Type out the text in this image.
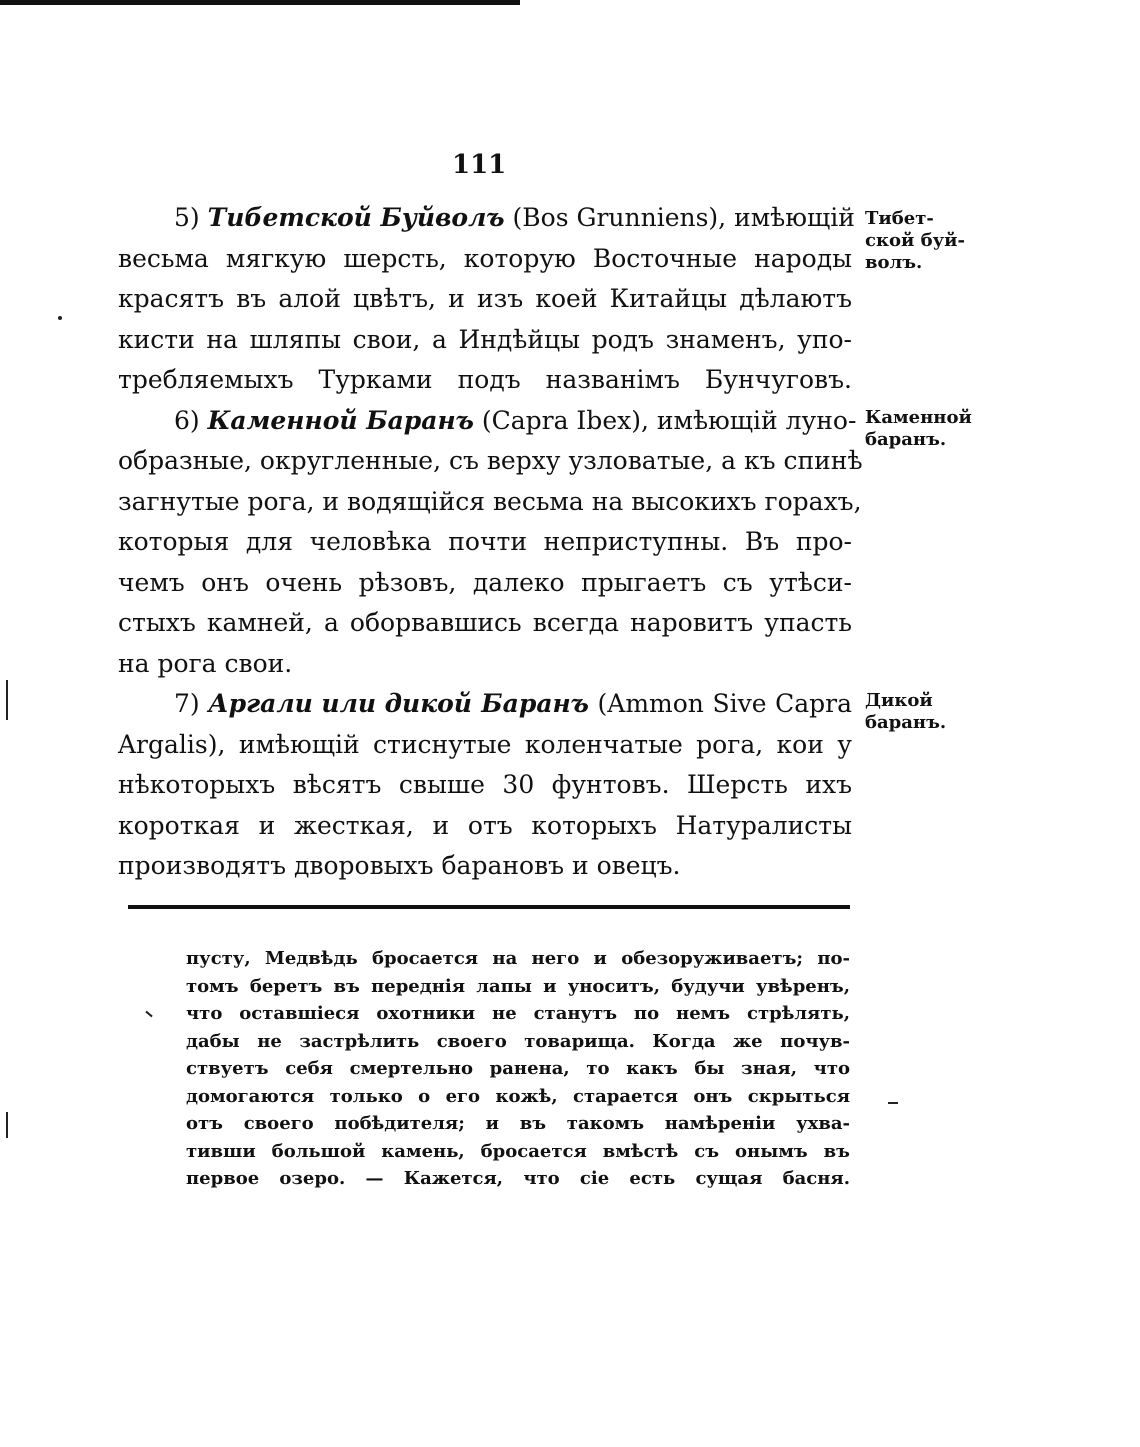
111
5) Тибетской Буйволъ (Bos Grunniens), имѣющій
весьма мягкую шерсть, которую Восточные народы
красятъ въ алой цвѣтъ, и изъ коей Китайцы дѣлаютъ
кисти на шляпы свои, а Индѣйцы родъ знаменъ, упо-
требляемыхъ Турками подъ названiмъ Бунчуговъ.
6) Каменной Баранъ (Capra Ibex), имѣющій луно-
образные, округленные, съ верху узловатые, а къ спинѣ
загнутые рога, и водящійся весьма на высокихъ горахъ,
которыя для человѣка почти неприступны. Въ про-
чемъ онъ очень рѣзовъ, далеко прыгаетъ съ утѣси-
стыхъ камней, а оборвавшись всегда наровитъ упасть
на рога свои.
7) Аргали или дикой Баранъ (Ammon Sive Capra
Argalis), имѣющій стиснутые коленчатые рога, кои у
нѣкоторыхъ вѣсятъ свыше 30 фунтовъ. Шерсть ихъ
короткая и жесткая, и отъ которыхъ Натуралисты
производятъ дворовыхъ барановъ и овецъ.
Тибет-
ской буй-
волъ.
Каменной
баранъ.
Дикой
баранъ.
пусту, Медвѣдь бросается на него и обезоруживаетъ; по-
томъ беретъ въ переднія лапы и уноситъ, будучи увѣренъ,
что оставшіеся охотники не станутъ по немъ стрѣлять,
дабы не застрѣлить своего товарища. Когда же почув-
ствуетъ себя смертельно ранена, то какъ бы зная, что
домогаются только о его кожѣ, старается онъ скрыться
отъ своего побѣдителя; и въ такомъ намѣреніи ухва-
тивши большой камень, бросается вмѣстѣ съ онымъ въ
первое озеро. — Кажется, что сіе есть сущая басня.
